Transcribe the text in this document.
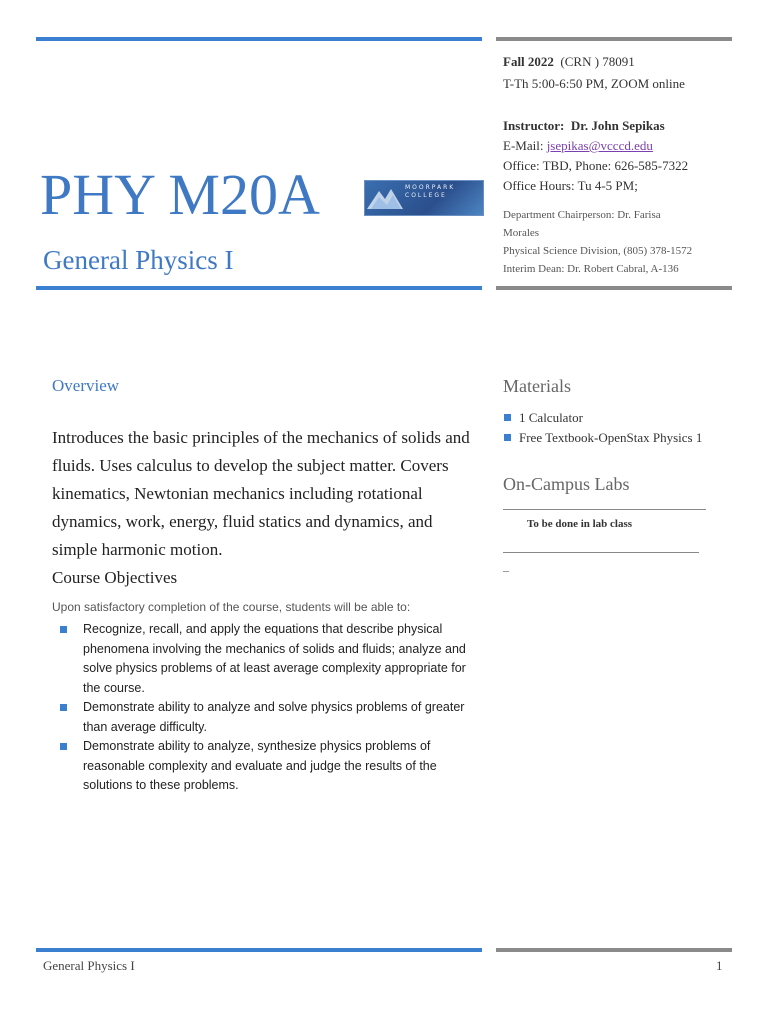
PHY M20A	MOORPARK
COLLEGE
General Physics I
Fall 2022 (CRN ) 78091
T-Th 5:00-6:50 PM, ZOOM online
Instructor: Dr. John Sepikas
E-Mail: jsepikas@vcccd.edu
Office: TBD, Phone: 626-585-7322
Office Hours: Tu 4-5 PM;
Department Chairperson: Dr. Farisa
Morales
Physical Science Division, (805) 378-1572
Interim Dean: Dr. Robert Cabral, A-136
Overview
Introduces the basic principles of the mechanics of solids and fluids. Uses calculus to develop the subject matter. Covers kinematics, Newtonian mechanics including rotational dynamics, work, energy, fluid statics and dynamics, and simple harmonic motion.
Course Objectives
Upon satisfactory completion of the course, students will be able to:
Recognize, recall, and apply the equations that describe physical phenomena involving the mechanics of solids and fluids; analyze and solve physics problems of at least average complexity appropriate for the course.
Demonstrate ability to analyze and solve physics problems of greater than average difficulty.
Demonstrate ability to analyze, synthesize physics problems of reasonable complexity and evaluate and judge the results of the solutions to these problems.
Materials
1 Calculator
Free Textbook-OpenStax Physics 1
On-Campus Labs
To be done in lab class
–
General Physics I	1
